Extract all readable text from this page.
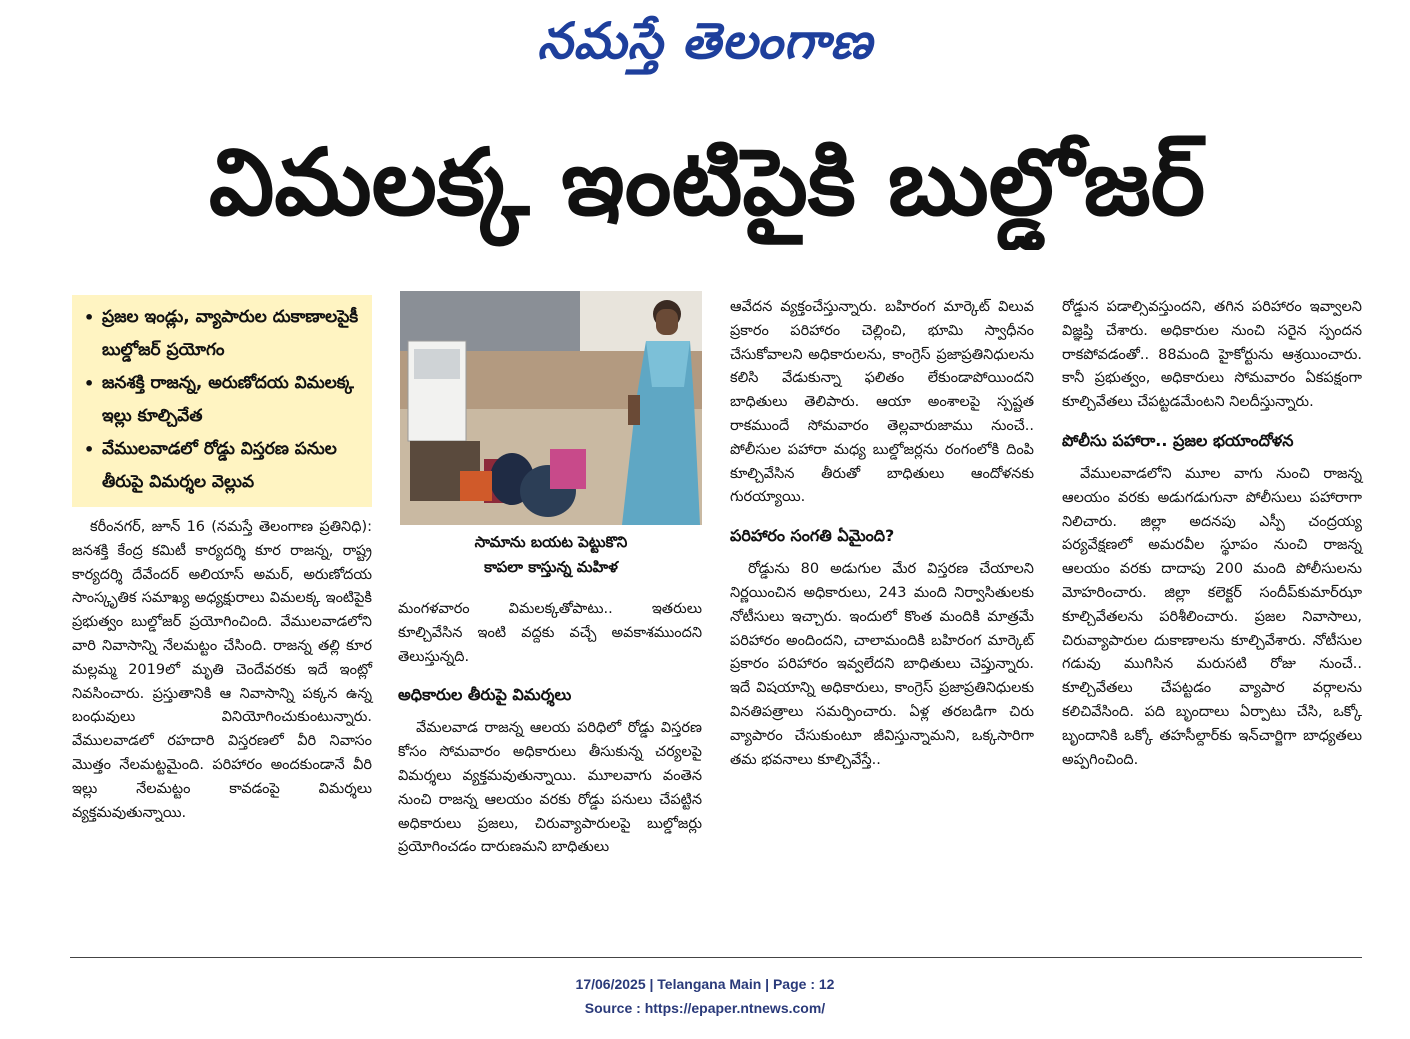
నమస్తే తెలంగాణ
విమలక్క ఇంటిపైకి బుల్డోజర్
• ప్రజల ఇండ్లు, వ్యాపారుల దుకాణాలపైకీ బుల్డోజర్ ప్రయోగం
• జనశక్తి రాజన్న, అరుణోదయ విమలక్క ఇల్లు కూల్చివేత
• వేములవాడలో రోడ్డు విస్తరణ పనుల తీరుపై విమర్శల వెల్లువ

కరీంనగర్, జూన్ 16 (నమస్తే తెలంగాణ ప్రతినిధి): జనశక్తి కేంద్ర కమిటీ కార్యదర్శి కూర రాజన్న, రాష్ట్ర కార్యదర్శి దేవేందర్ అలియాస్ అమర్, అరుణోదయ సాంస్కృతిక సమాఖ్య అధ్యక్షురాలు విమలక్క ఇంటిపైకి ప్రభుత్వం బుల్డోజర్ ప్రయోగించింది. వేములవాడలోని వారి నివాసాన్ని నేలమట్టం చేసింది. రాజన్న తల్లి కూర మల్లమ్మ 2019లో మృతి చెందేవరకు ఇదే ఇంట్లో నివసించారు. ప్రస్తుతానికి ఆ నివాసాన్ని పక్కన ఉన్న బంధువులు వినియోగించుకుంటున్నారు. వేములవాడలో రహదారి విస్తరణలో వీరి నివాసం మొత్తం నేలమట్టమైంది. పరిహారం అందకుండానే వీరి ఇల్లు నేలమట్టం కావడంపై విమర్శలు వ్యక్తమవుతున్నాయి.

సామాను బయట పెట్టుకొని
కాపలా కాస్తున్న మహిళ

మంగళవారం విమలక్కతోపాటు.. ఇతరులు కూల్చివేసిన ఇంటి వద్దకు వచ్చే అవకాశముందని తెలుస్తున్నది.

అధికారుల తీరుపై విమర్శలు

వేమలవాడ రాజన్న ఆలయ పరిధిలో రోడ్డు విస్తరణ కోసం సోమవారం అధికారులు తీసుకున్న చర్యలపై విమర్శలు వ్యక్తమవుతున్నాయి. మూలవాగు వంతెన నుంచి రాజన్న ఆలయం వరకు రోడ్డు పనులు చేపట్టిన అధికారులు ప్రజలు, చిరువ్యాపారులపై బుల్డోజర్లు ప్రయోగించడం దారుణమని బాధితులు

ఆవేదన వ్యక్తంచేస్తున్నారు. బహిరంగ మార్కెట్ విలువ ప్రకారం పరిహారం చెల్లించి, భూమి స్వాధీనం చేసుకోవాలని అధికారులను, కాంగ్రెస్ ప్రజాప్రతినిధులను కలిసి వేడుకున్నా ఫలితం లేకుండాపోయిందని బాధితులు తెలిపారు. ఆయా అంశాలపై స్పష్టత రాకముందే సోమవారం తెల్లవారుజాము నుంచే.. పోలీసుల పహారా మధ్య బుల్డోజర్లను రంగంలోకి దింపి కూల్చివేసిన తీరుతో బాధితులు ఆందోళనకు గురయ్యాయి.

పరిహారం సంగతి ఏమైంది?

రోడ్డును 80 అడుగుల మేర విస్తరణ చేయాలని నిర్ణయించిన అధికారులు, 243 మంది నిర్వాసితులకు నోటీసులు ఇచ్చారు. ఇందులో కొంత మందికి మాత్రమే పరిహారం అందిందని, చాలామందికి బహిరంగ మార్కెట్ ప్రకారం పరిహారం ఇవ్వలేదని బాధితులు చెప్తున్నారు. ఇదే విషయాన్ని అధికారులు, కాంగ్రెస్ ప్రజాప్రతినిధులకు వినతిపత్రాలు సమర్పించారు. ఏళ్ల తరబడిగా చిరు వ్యాపారం చేసుకుంటూ జీవిస్తున్నామని, ఒక్కసారిగా తమ భవనాలు కూల్చివేస్తే..

రోడ్డున పడాల్సివస్తుందని, తగిన పరిహారం ఇవ్వాలని విజ్ఞప్తి చేశారు. అధికారుల నుంచి సరైన స్పందన రాకపోవడంతో.. 88మంది హైకోర్టును ఆశ్రయించారు. కానీ ప్రభుత్వం, అధికారులు సోమవారం ఏకపక్షంగా కూల్చివేతలు చేపట్టడమేంటని నిలదీస్తున్నారు.

పోలీసు పహారా.. ప్రజల భయాందోళన

వేములవాడలోని మూల వాగు నుంచి రాజన్న ఆలయం వరకు అడుగడుగునా పోలీసులు పహారాగా నిలిచారు. జిల్లా అదనపు ఎస్పీ చంద్రయ్య పర్యవేక్షణలో అమరవీల స్థూపం నుంచి రాజన్న ఆలయం వరకు దాదాపు 200 మంది పోలీసులను మోహరించారు. జిల్లా కలెక్టర్ సందీప్‌కుమార్‌ఝా కూల్చివేతలను పరిశీలించారు. ప్రజల నివాసాలు, చిరువ్యాపారుల దుకాణాలను కూల్చివేశారు. నోటీసుల గడువు ముగిసిన మరుసటి రోజు నుంచే.. కూల్చివేతలు చేపట్టడం వ్యాపార వర్గాలను కలిచివేసింది. పది బృందాలు ఏర్పాటు చేసి, ఒక్కో బృందానికి ఒక్కో తహసీల్దార్‌కు ఇన్‌చార్జిగా బాధ్యతలు అప్పగించింది.

17/06/2025 | Telangana Main | Page : 12
Source : https://epaper.ntnews.com/
